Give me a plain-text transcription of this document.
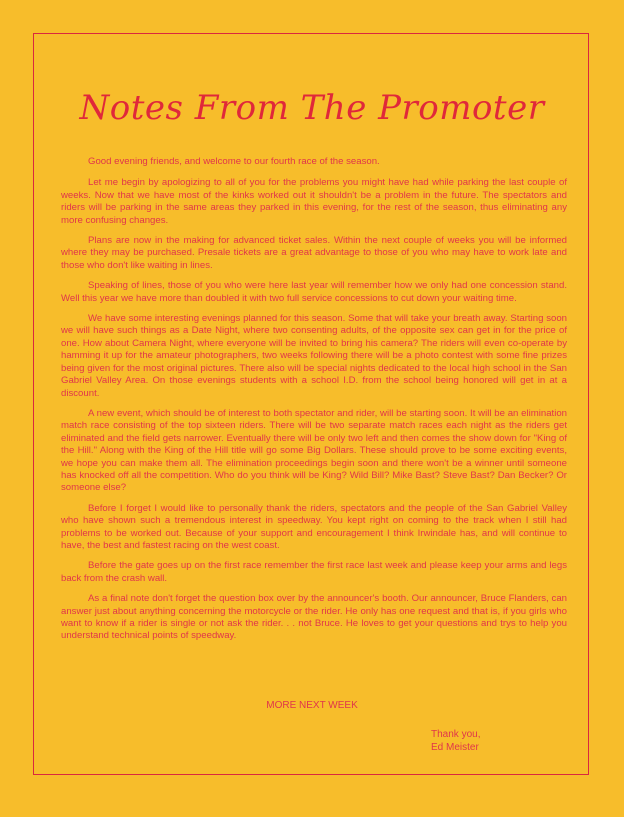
Notes From The Promoter

Good evening friends, and welcome to our fourth race of the season.

Let me begin by apologizing to all of you for the problems you might have had while parking the last couple of weeks. Now that we have most of the kinks worked out it shouldn't be a problem in the future. The spectators and riders will be parking in the same areas they parked in this evening, for the rest of the season, thus eliminating any more confusing changes.

Plans are now in the making for advanced ticket sales. Within the next couple of weeks you will be informed where they may be purchased. Presale tickets are a great advantage to those of you who may have to work late and those who don't like waiting in lines.

Speaking of lines, those of you who were here last year will remember how we only had one concession stand. Well this year we have more than doubled it with two full service concessions to cut down your waiting time.

We have some interesting evenings planned for this season. Some that will take your breath away. Starting soon we will have such things as a Date Night, where two consenting adults, of the opposite sex can get in for the price of one. How about Camera Night, where everyone will be invited to bring his camera? The riders will even co-operate by hamming it up for the amateur photographers, two weeks following there will be a photo contest with some fine prizes being given for the most original pictures. There also will be special nights dedicated to the local high school in the San Gabriel Valley Area. On those evenings students with a school I.D. from the school being honored will get in at a discount.

A new event, which should be of interest to both spectator and rider, will be starting soon. It will be an elimination match race consisting of the top sixteen riders. There will be two separate match races each night as the riders get eliminated and the field gets narrower. Eventually there will be only two left and then comes the show down for "King of the Hill." Along with the King of the Hill title will go some Big Dollars. These should prove to be some exciting events, we hope you can make them all. The elimination proceedings begin soon and there won't be a winner until someone has knocked off all the competition. Who do you think will be King? Wild Bill? Mike Bast? Steve Bast? Dan Becker? Or someone else?

Before I forget I would like to personally thank the riders, spectators and the people of the San Gabriel Valley who have shown such a tremendous interest in speedway. You kept right on coming to the track when I still had problems to be worked out. Because of your support and encouragement I think Irwindale has, and will continue to have, the best and fastest racing on the west coast.

Before the gate goes up on the first race remember the first race last week and please keep your arms and legs back from the crash wall.

As a final note don't forget the question box over by the announcer's booth. Our announcer, Bruce Flanders, can answer just about anything concerning the motorcycle or the rider. He only has one request and that is, if you girls who want to know if a rider is single or not ask the rider. . . not Bruce. He loves to get your questions and trys to help you understand technical points of speedway.

MORE NEXT WEEK
Thank you,
Ed Meister
